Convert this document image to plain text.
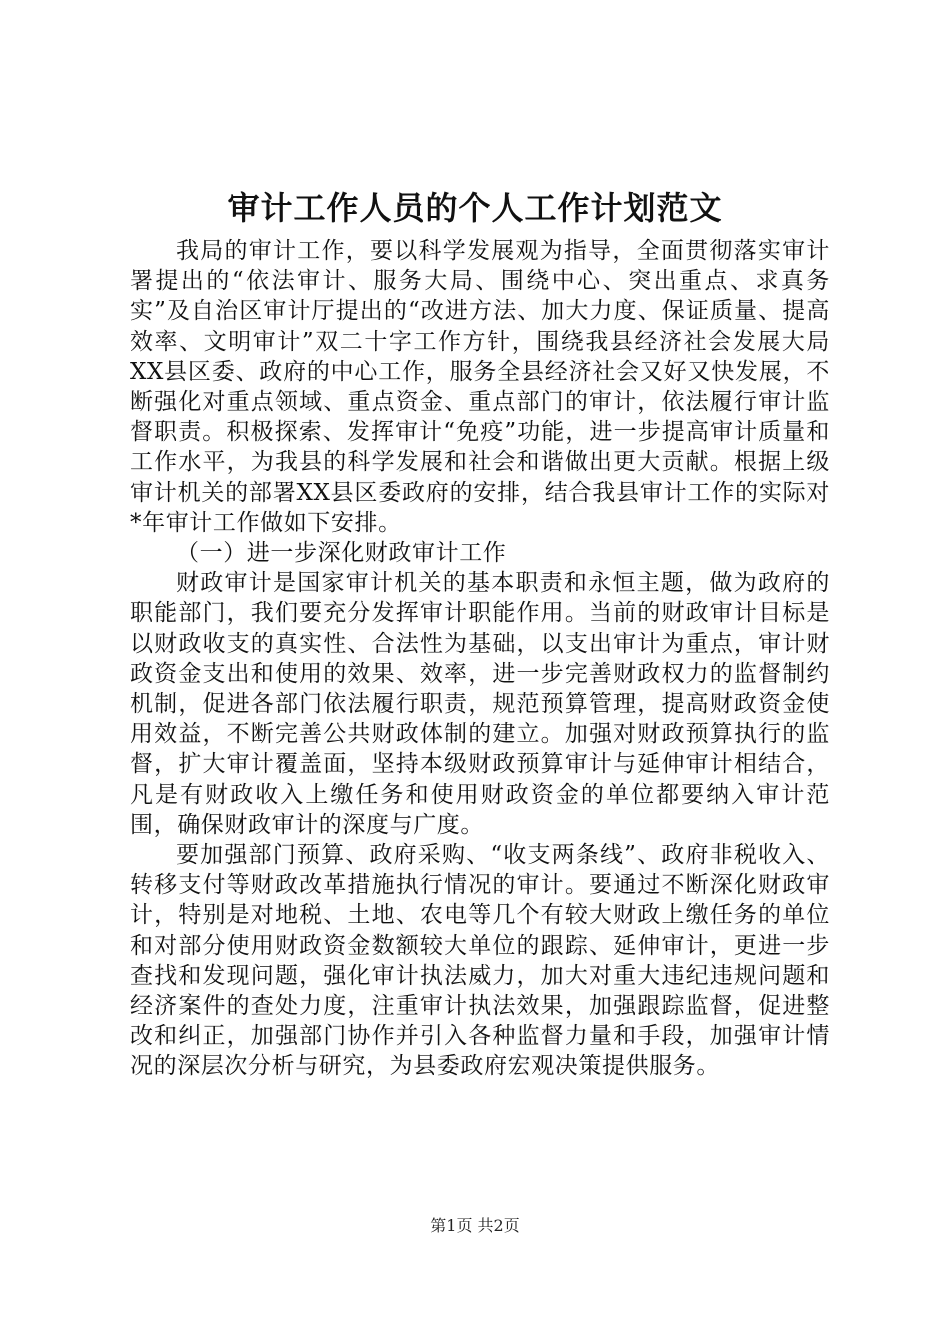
审计工作人员的个人工作计划范文

我局的审计工作，要以科学发展观为指导，全面贯彻落实审计署提出的“依法审计、服务大局、围绕中心、突出重点、求真务实”及自治区审计厅提出的“改进方法、加大力度、保证质量、提高效率、文明审计”双二十字工作方针，围绕我县经济社会发展大局XX县区委、政府的中心工作，服务全县经济社会又好又快发展，不断强化对重点领域、重点资金、重点部门的审计，依法履行审计监督职责。积极探索、发挥审计“免疫”功能，进一步提高审计质量和工作水平，为我县的科学发展和社会和谐做出更大贡献。根据上级审计机关的部署XX县区委政府的安排，结合我县审计工作的实际对*年审计工作做如下安排。

（一）进一步深化财政审计工作

财政审计是国家审计机关的基本职责和永恒主题，做为政府的职能部门，我们要充分发挥审计职能作用。当前的财政审计目标是以财政收支的真实性、合法性为基础，以支出审计为重点，审计财政资金支出和使用的效果、效率，进一步完善财政权力的监督制约机制，促进各部门依法履行职责，规范预算管理，提高财政资金使用效益，不断完善公共财政体制的建立。加强对财政预算执行的监督，扩大审计覆盖面，坚持本级财政预算审计与延伸审计相结合，凡是有财政收入上缴任务和使用财政资金的单位都要纳入审计范围，确保财政审计的深度与广度。

要加强部门预算、政府采购、“收支两条线”、政府非税收入、转移支付等财政改革措施执行情况的审计。要通过不断深化财政审计，特别是对地税、土地、农电等几个有较大财政上缴任务的单位和对部分使用财政资金数额较大单位的跟踪、延伸审计，更进一步查找和发现问题，强化审计执法威力，加大对重大违纪违规问题和经济案件的查处力度，注重审计执法效果，加强跟踪监督，促进整改和纠正，加强部门协作并引入各种监督力量和手段，加强审计情况的深层次分析与研究，为县委政府宏观决策提供服务。

第1页 共2页
